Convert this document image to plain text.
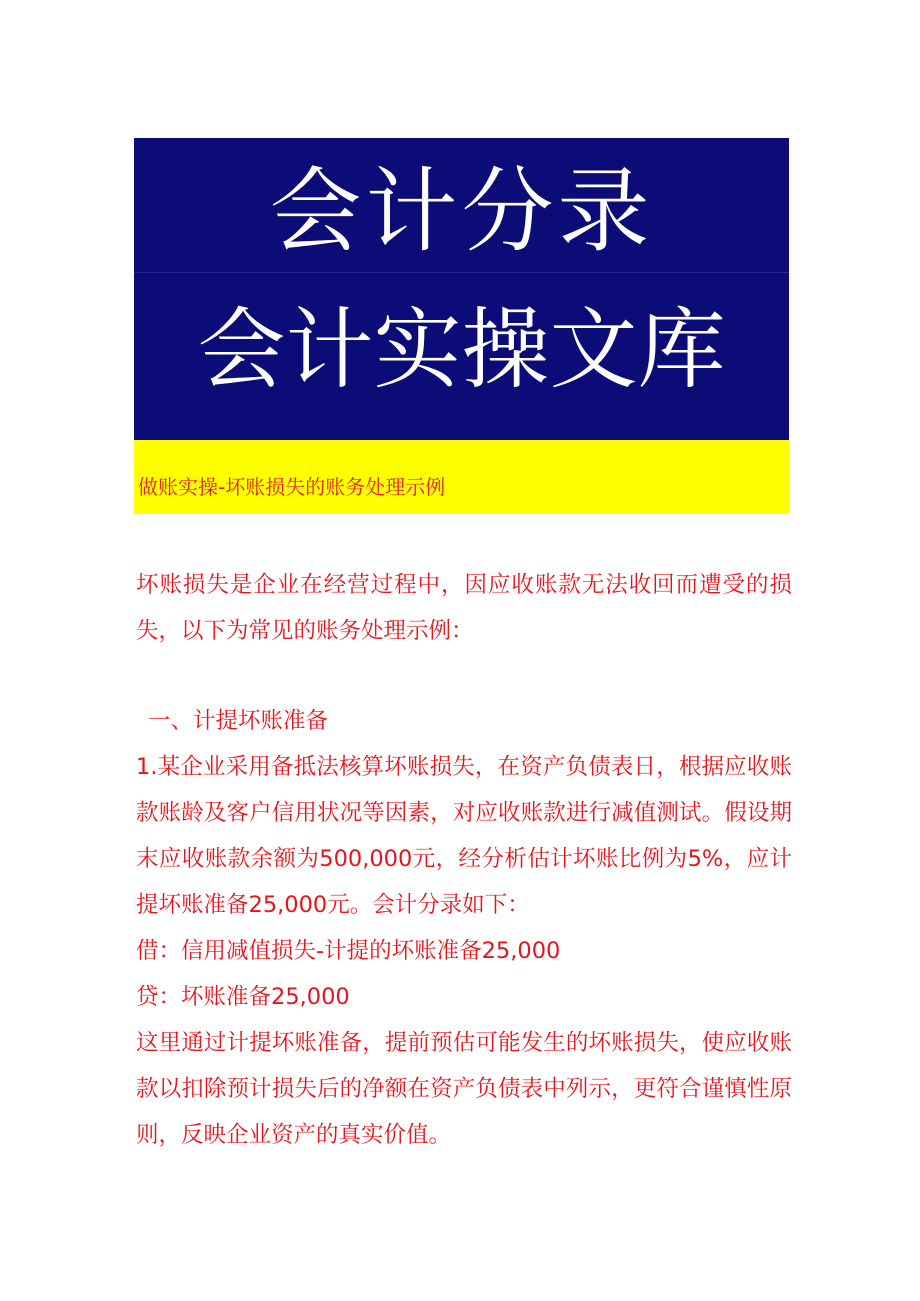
会计分录
会计实操文库
做账实操-坏账损失的账务处理示例

坏账损失是企业在经营过程中，因应收账款无法收回而遭受的损失，以下为常见的账务处理示例：

一、计提坏账准备

1.某企业采用备抵法核算坏账损失，在资产负债表日，根据应收账款账龄及客户信用状况等因素，对应收账款进行减值测试。假设期末应收账款余额为500,000元，经分析估计坏账比例为5%，应计提坏账准备25,000元。会计分录如下：

借：信用减值损失-计提的坏账准备25,000

贷：坏账准备25,000

这里通过计提坏账准备，提前预估可能发生的坏账损失，使应收账款以扣除预计损失后的净额在资产负债表中列示，更符合谨慎性原则，反映企业资产的真实价值。
